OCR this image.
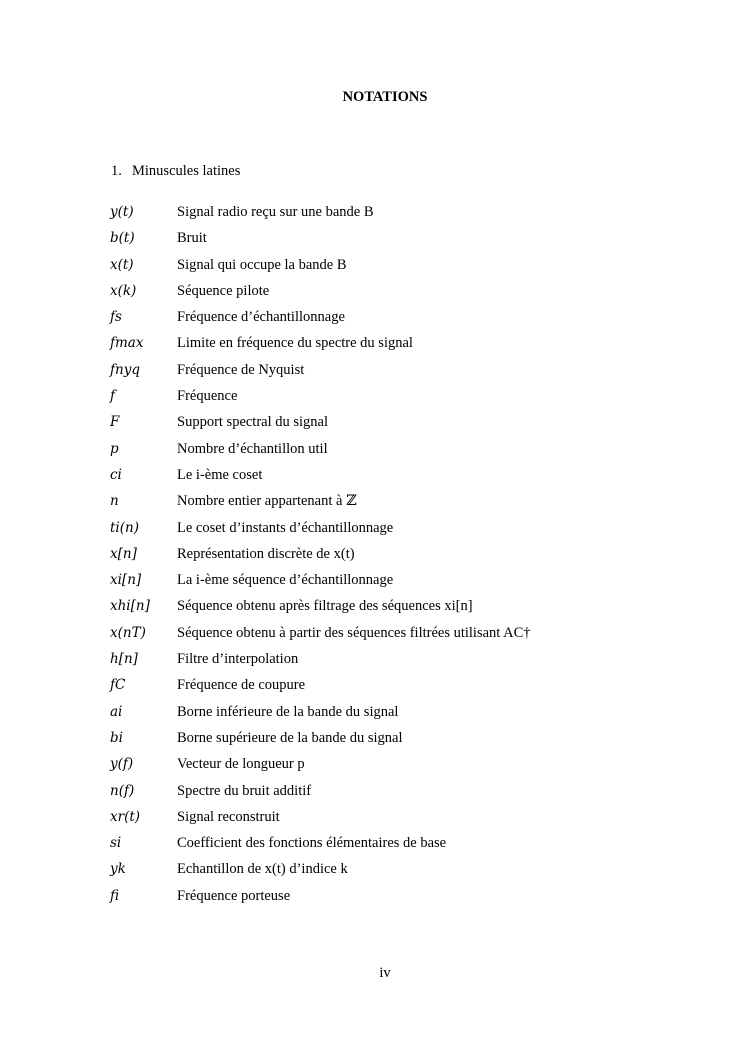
NOTATIONS

1. Minuscules latines

y(t)	Signal radio reçu sur une bande B
b(t)	Bruit
x(t)	Signal qui occupe la bande B
x(k)	Séquence pilote
fs	Fréquence d’échantillonnage
fmax	Limite en fréquence du spectre du signal
fnyq	Fréquence de Nyquist
f	Fréquence
F	Support spectral du signal
p	Nombre d’échantillon util
ci	Le i-ème coset
n	Nombre entier appartenant à ℤ
ti(n)	Le coset d’instants d’échantillonnage
x[n]	Représentation discrète de x(t)
xi[n]	La i-ème séquence d’échantillonnage
xhi[n]	Séquence obtenu après filtrage des séquences xi[n]
x(nT)	Séquence obtenu à partir des séquences filtrées utilisant AC†
h[n]	Filtre d’interpolation
fC	Fréquence de coupure
ai	Borne inférieure de la bande du signal
bi	Borne supérieure de la bande du signal
y(f)	Vecteur de longueur p
n(f)	Spectre du bruit additif
xr(t)	Signal reconstruit
si	Coefficient des fonctions élémentaires de base
yk	Echantillon de x(t) d’indice k
fi	Fréquence porteuse
iv
